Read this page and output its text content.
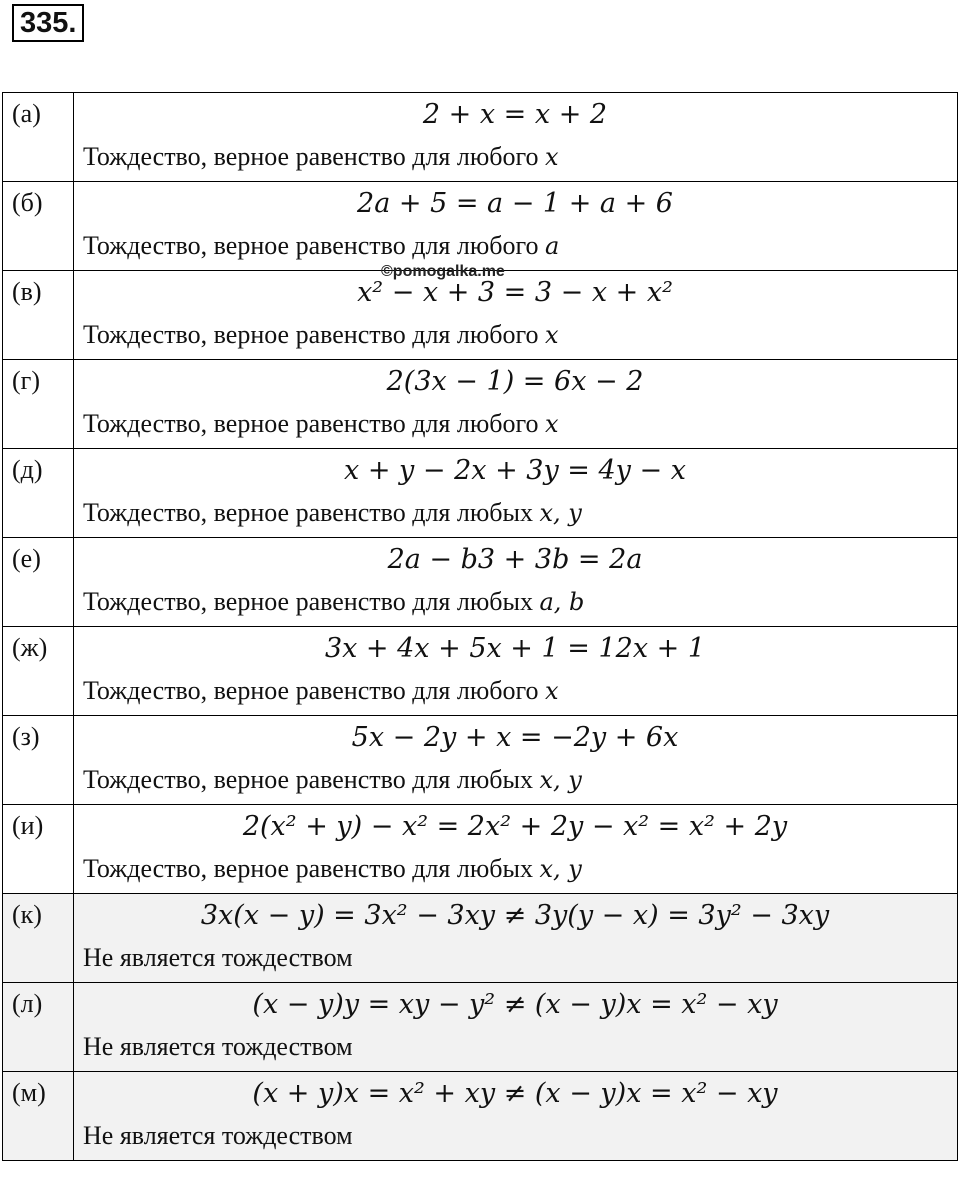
335.
(а)	2 + x = x + 2
Тождество, верное равенство для любого x

(б)	2a + 5 = a − 1 + a + 6
Тождество, верное равенство для любого a

(в)	x² − x + 3 = 3 − x + x²
Тождество, верное равенство для любого x

(г)	2(3x − 1) = 6x − 2
Тождество, верное равенство для любого x

(д)	x + y − 2x + 3y = 4y − x
Тождество, верное равенство для любых x, y

(е)	2a − b3 + 3b = 2a
Тождество, верное равенство для любых a, b

(ж)	3x + 4x + 5x + 1 = 12x + 1
Тождество, верное равенство для любого x

(з)	5x − 2y + x = −2y + 6x
Тождество, верное равенство для любых x, y

(и)	2(x² + y) − x² = 2x² + 2y − x² = x² + 2y
Тождество, верное равенство для любых x, y

(к)	3x(x − y) = 3x² − 3xy ≠ 3y(y − x) = 3y² − 3xy
Не является тождеством

(л)	(x − y)y = xy − y² ≠ (x − y)x = x² − xy
Не является тождеством

(м)	(x + y)x = x² + xy ≠ (x − y)x = x² − xy
Не является тождеством
©pomogalka.me
